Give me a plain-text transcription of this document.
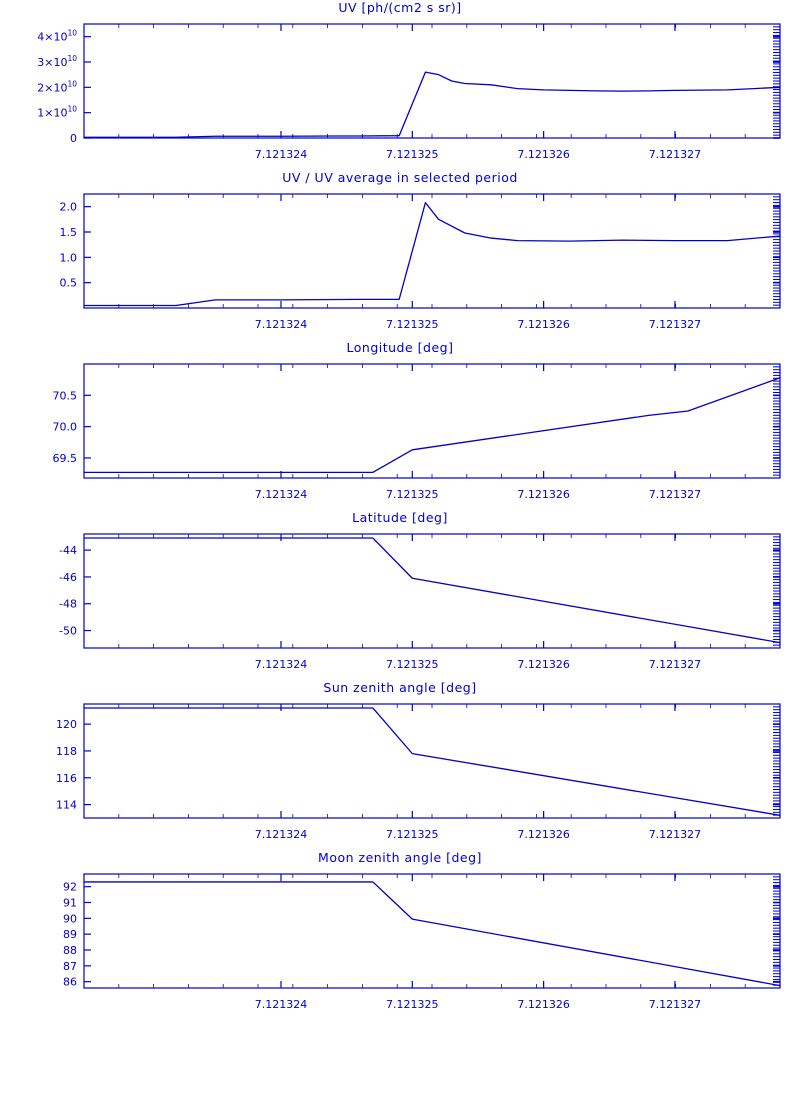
UV [ph/(cm2 s sr)]
0
$1\times 10^{10}$
$2\times 10^{10}$
$3\times 10^{10}$
$4\times 10^{10}$
7.121324	7.121325	7.121326	7.121327
UV / UV average in selected period
0.5
1.0
1.5
2.0
7.121324	7.121325	7.121326	7.121327
Longitude [deg]
69.5
70.0
70.5
7.121324	7.121325	7.121326	7.121327
Latitude [deg]
-50
-48
-46
-44
7.121324	7.121325	7.121326	7.121327
Sun zenith angle [deg]
114
116
118
120
7.121324	7.121325	7.121326	7.121327
Moon zenith angle [deg]
86
87
88
89
90
91
92
7.121324	7.121325	7.121326	7.121327
